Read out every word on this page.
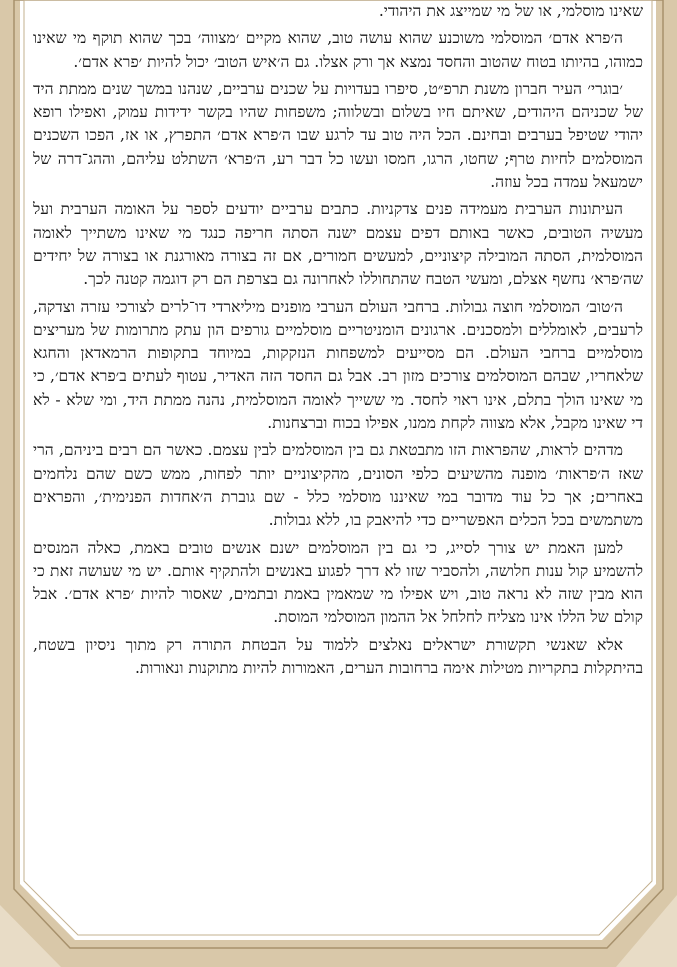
שאינו מוסלמי, או של מי שמייצג את היהודי.

ה׳פרא אדם׳ המוסלמי משוכנע שהוא עושה טוב, שהוא מקיים ׳מצווה׳ בכך שהוא תוקף מי שאינו כמוהו, בהיותו בטוח שהטוב והחסד נמצא אך ורק אצלו. גם ה׳איש הטוב׳ יכול להיות ׳פרא אדם׳.

׳בוגרי׳ העיר חברון משנת תרפ״ט, סיפרו בעדויות על שכנים ערביים, שנהנו במשך שנים ממתת היד של שכניהם היהודים, שאיתם חיו בשלום ובשלווה; משפחות שהיו בקשר ידידות עמוק, ואפילו רופא יהודי שטיפל בערבים ובחינם. הכל היה טוב עד לרגע שבו ה׳פרא אדם׳ התפרץ, או אז, הפכו השכנים המוסלמים לחיות טרף; שחטו, הרגו, חמסו ועשו כל דבר רע, ה׳פרא׳ השתלט עליהם, וההג־דרה של ישמעאל עמדה בכל עוזה.

העיתונות הערבית מעמידה פנים צדקניות. כתבים ערביים יודעים לספר על האומה הערבית ועל מעשיה הטובים, כאשר באותם דפים עצמם ישנה הסתה חריפה כנגד מי שאינו משתייך לאומה המוסלמית, הסתה המובילה קיצוניים, למעשים חמורים, אם זה בצורה מאורגנת או בצורה של יחידים שה׳פרא׳ נחשף אצלם, ומעשי הטבח שהתחוללו לאחרונה גם בצרפת הם רק דוגמה קטנה לכך.

ה׳טוב׳ המוסלמי חוצה גבולות. ברחבי העולם הערבי מופנים מיליארדי דו־לרים לצורכי עזרה וצדקה, לרעבים, לאומללים ולמסכנים. ארגונים הומניטריים מוסלמיים גורפים הון עתק מתרומות של מעריצים מוסלמיים ברחבי העולם. הם מסייעים למשפחות הנזקקות, במיוחד בתקופות הרמאדאן והחגא שלאחריו, שבהם המוסלמים צורכים מזון רב. אבל גם החסד הזה האדיר, עטוף לעתים ב׳פרא אדם׳, כי מי שאינו הולך בתלם, אינו ראוי לחסד. מי ששייך לאומה המוסלמית, נהנה ממתת היד, ומי שלא - לא די שאינו מקבל, אלא מצווה לקחת ממנו, אפילו בכוח וברצחנות.

מדהים לראות, שהפראות הזו מתבטאת גם בין המוסלמים לבין עצמם. כאשר הם רבים ביניהם, הרי שאז ה׳פראות׳ מופנה מהשיעים כלפי הסונים, מהקיצוניים יותר לפחות, ממש כשם שהם נלחמים באחרים; אך כל עוד מדובר במי שאיננו מוסלמי כלל - שם גוברת ה׳אחדות הפנימית׳, והפראים משתמשים בכל הכלים האפשריים כדי להיאבק בו, ללא גבולות.

למען האמת יש צורך לסייג, כי גם בין המוסלמים ישנם אנשים טובים באמת, כאלה המנסים להשמיע קול ענות חלושה, ולהסביר שזו לא דרך לפגוע באנשים ולהתקיף אותם. יש מי שעושה זאת כי הוא מבין שזה לא נראה טוב, ויש אפילו מי שמאמין באמת ובתמים, שאסור להיות ׳פרא אדם׳. אבל קולם של הללו אינו מצליח לחלחל אל ההמון המוסלמי המוסת.

אלא שאנשי תקשורת ישראלים נאלצים ללמוד על הבטחת התורה רק מתוך ניסיון בשטח, בהיתקלות בתקריות מטילות אימה ברחובות הערים, האמורות להיות מתוקנות ונאורות.
